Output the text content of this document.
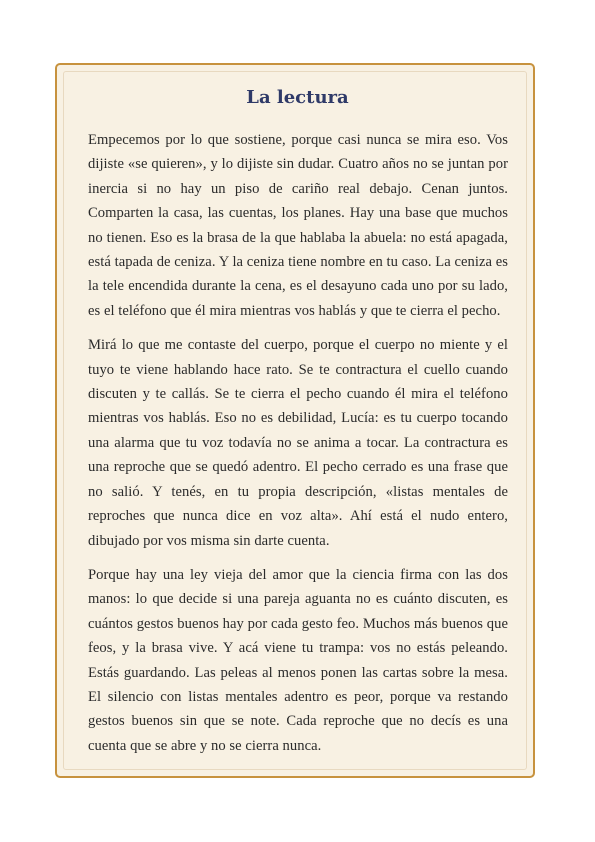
La lectura

Empecemos por lo que sostiene, porque casi nunca se mira eso. Vos dijiste «se quieren», y lo dijiste sin dudar. Cuatro años no se juntan por inercia si no hay un piso de cariño real debajo. Cenan juntos. Comparten la casa, las cuentas, los planes. Hay una base que muchos no tienen. Eso es la brasa de la que hablaba la abuela: no está apagada, está tapada de ceniza. Y la ceniza tiene nombre en tu caso. La ceniza es la tele encendida durante la cena, es el desayuno cada uno por su lado, es el teléfono que él mira mientras vos hablás y que te cierra el pecho.

Mirá lo que me contaste del cuerpo, porque el cuerpo no miente y el tuyo te viene hablando hace rato. Se te contractura el cuello cuando discuten y te callás. Se te cierra el pecho cuando él mira el teléfono mientras vos hablás. Eso no es debilidad, Lucía: es tu cuerpo tocando una alarma que tu voz todavía no se anima a tocar. La contractura es una reproche que se quedó adentro. El pecho cerrado es una frase que no salió. Y tenés, en tu propia descripción, «listas mentales de reproches que nunca dice en voz alta». Ahí está el nudo entero, dibujado por vos misma sin darte cuenta.

Porque hay una ley vieja del amor que la ciencia firma con las dos manos: lo que decide si una pareja aguanta no es cuánto discuten, es cuántos gestos buenos hay por cada gesto feo. Muchos más buenos que feos, y la brasa vive. Y acá viene tu trampa: vos no estás peleando. Estás guardando. Las peleas al menos ponen las cartas sobre la mesa. El silencio con listas mentales adentro es peor, porque va restando gestos buenos sin que se note. Cada reproche que no decís es una cuenta que se abre y no se cierra nunca.
